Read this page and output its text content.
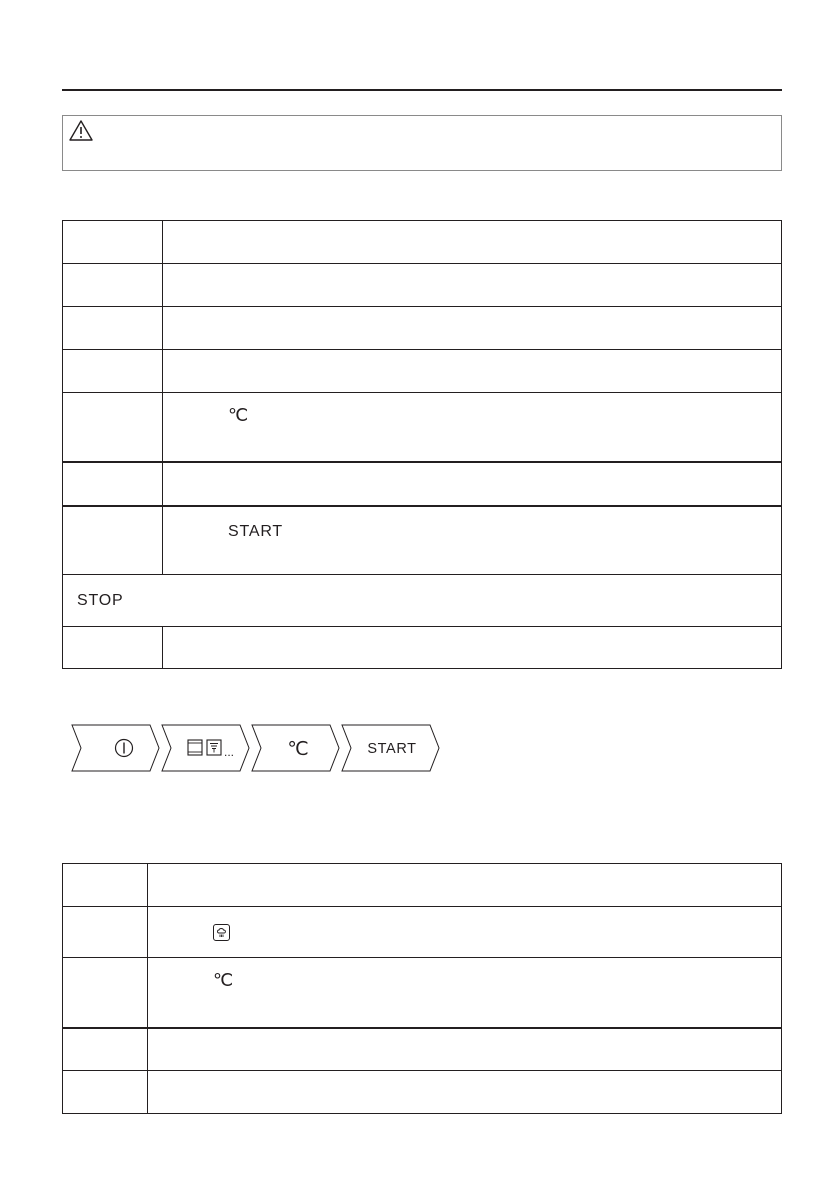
	℃

	START

STOP	

...	℃	START

	℃
